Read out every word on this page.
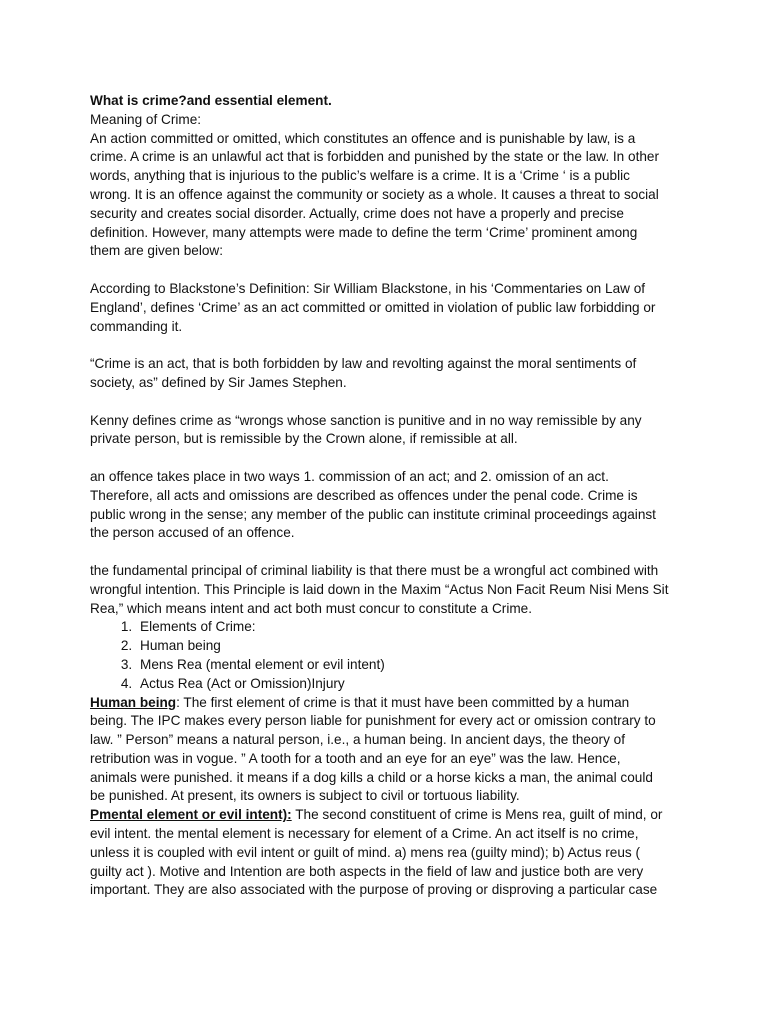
What is crime?and essential element.
Meaning of Crime:
An action committed or omitted, which constitutes an offence and is punishable by law, is a
crime. A crime is an unlawful act that is forbidden and punished by the state or the law. In other
words, anything that is injurious to the public’s welfare is a crime. It is a ‘Crime ‘ is a public
wrong. It is an offence against the community or society as a whole. It causes a threat to social
security and creates social disorder. Actually, crime does not have a properly and precise
definition. However, many attempts were made to define the term ‘Crime’ prominent among
them are given below:
According to Blackstone’s Definition: Sir William Blackstone, in his ‘Commentaries on Law of
England’, defines ‘Crime’ as an act committed or omitted in violation of public law forbidding or
commanding it.
“Crime is an act, that is both forbidden by law and revolting against the moral sentiments of
society, as” defined by Sir James Stephen.
Kenny defines crime as “wrongs whose sanction is punitive and in no way remissible by any
private person, but is remissible by the Crown alone, if remissible at all.
an offence takes place in two ways 1. commission of an act; and 2. omission of an act.
Therefore, all acts and omissions are described as offences under the penal code. Crime is
public wrong in the sense; any member of the public can institute criminal proceedings against
the person accused of an offence.
the fundamental principal of criminal liability is that there must be a wrongful act combined with
wrongful intention. This Principle is laid down in the Maxim “Actus Non Facit Reum Nisi Mens Sit
Rea,” which means intent and act both must concur to constitute a Crime.
1. Elements of Crime:
2. Human being
3. Mens Rea (mental element or evil intent)
4. Actus Rea (Act or Omission)Injury
Human being: The first element of crime is that it must have been committed by a human
being. The IPC makes every person liable for punishment for every act or omission contrary to
law. ” Person” means a natural person, i.e., a human being. In ancient days, the theory of
retribution was in vogue. ” A tooth for a tooth and an eye for an eye” was the law. Hence,
animals were punished. it means if a dog kills a child or a horse kicks a man, the animal could
be punished. At present, its owners is subject to civil or tortuous liability.
Pmental element or evil intent): The second constituent of crime is Mens rea, guilt of mind, or
evil intent. the mental element is necessary for element of a Crime. An act itself is no crime,
unless it is coupled with evil intent or guilt of mind. a) mens rea (guilty mind); b) Actus reus (
guilty act ). Motive and Intention are both aspects in the field of law and justice both are very
important. They are also associated with the purpose of proving or disproving a particular case
